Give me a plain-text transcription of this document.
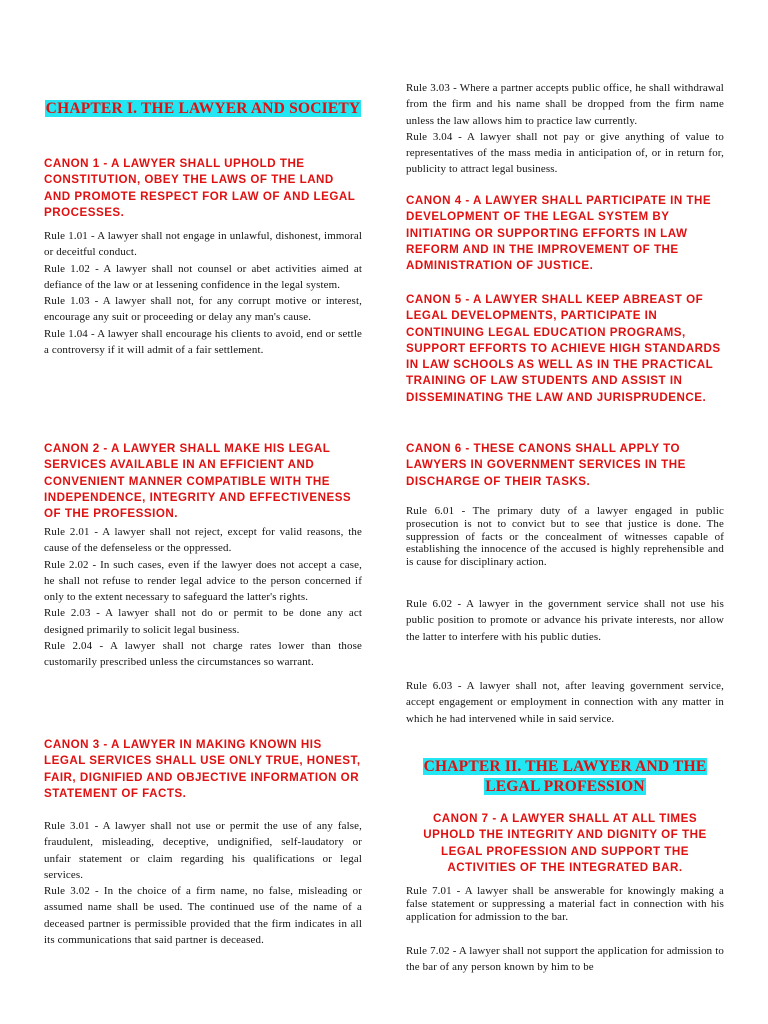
CHAPTER I. THE LAWYER AND SOCIETY
CANON 1 - A LAWYER SHALL UPHOLD THE CONSTITUTION, OBEY THE LAWS OF THE LAND AND PROMOTE RESPECT FOR LAW OF AND LEGAL PROCESSES.

Rule 1.01 - A lawyer shall not engage in unlawful, dishonest, immoral or deceitful conduct.

Rule 1.02 - A lawyer shall not counsel or abet activities aimed at defiance of the law or at lessening confidence in the legal system.

Rule 1.03 - A lawyer shall not, for any corrupt motive or interest, encourage any suit or proceeding or delay any man's cause.

Rule 1.04 - A lawyer shall encourage his clients to avoid, end or settle a controversy if it will admit of a fair settlement.

CANON 2 - A LAWYER SHALL MAKE HIS LEGAL SERVICES AVAILABLE IN AN EFFICIENT AND CONVENIENT MANNER COMPATIBLE WITH THE INDEPENDENCE, INTEGRITY AND EFFECTIVENESS OF THE PROFESSION.

Rule 2.01 - A lawyer shall not reject, except for valid reasons, the cause of the defenseless or the oppressed.

Rule 2.02 - In such cases, even if the lawyer does not accept a case, he shall not refuse to render legal advice to the person concerned if only to the extent necessary to safeguard the latter's rights.

Rule 2.03 - A lawyer shall not do or permit to be done any act designed primarily to solicit legal business.

Rule 2.04 - A lawyer shall not charge rates lower than those customarily prescribed unless the circumstances so warrant.

CANON 3 - A LAWYER IN MAKING KNOWN HIS LEGAL SERVICES SHALL USE ONLY TRUE, HONEST, FAIR, DIGNIFIED AND OBJECTIVE INFORMATION OR STATEMENT OF FACTS.

Rule 3.01 - A lawyer shall not use or permit the use of any false, fraudulent, misleading, deceptive, undignified, self-laudatory or unfair statement or claim regarding his qualifications or legal services.

Rule 3.02 - In the choice of a firm name, no false, misleading or assumed name shall be used. The continued use of the name of a deceased partner is permissible provided that the firm indicates in all its communications that said partner is deceased.

Rule 3.03 - Where a partner accepts public office, he shall withdrawal from the firm and his name shall be dropped from the firm name unless the law allows him to practice law currently.

Rule 3.04 - A lawyer shall not pay or give anything of value to representatives of the mass media in anticipation of, or in return for, publicity to attract legal business.

CANON 4 - A LAWYER SHALL PARTICIPATE IN THE DEVELOPMENT OF THE LEGAL SYSTEM BY INITIATING OR SUPPORTING EFFORTS IN LAW REFORM AND IN THE IMPROVEMENT OF THE ADMINISTRATION OF JUSTICE.
CANON 5 - A LAWYER SHALL KEEP ABREAST OF LEGAL DEVELOPMENTS, PARTICIPATE IN CONTINUING LEGAL EDUCATION PROGRAMS, SUPPORT EFFORTS TO ACHIEVE HIGH STANDARDS IN LAW SCHOOLS AS WELL AS IN THE PRACTICAL TRAINING OF LAW STUDENTS AND ASSIST IN DISSEMINATING THE LAW AND JURISPRUDENCE.
CANON 6 - THESE CANONS SHALL APPLY TO LAWYERS IN GOVERNMENT SERVICES IN THE DISCHARGE OF THEIR TASKS.

Rule 6.01 - The primary duty of a lawyer engaged in public prosecution is not to convict but to see that justice is done. The suppression of facts or the concealment of witnesses capable of establishing the innocence of the accused is highly reprehensible and is cause for disciplinary action.

Rule 6.02 - A lawyer in the government service shall not use his public position to promote or advance his private interests, nor allow the latter to interfere with his public duties.

Rule 6.03 - A lawyer shall not, after leaving government service, accept engagement or employment in connection with any matter in which he had intervened while in said service.

CHAPTER II. THE LAWYER AND THE LEGAL PROFESSION
CANON 7 - A LAWYER SHALL AT ALL TIMES UPHOLD THE INTEGRITY AND DIGNITY OF THE LEGAL PROFESSION AND SUPPORT THE ACTIVITIES OF THE INTEGRATED BAR.

Rule 7.01 - A lawyer shall be answerable for knowingly making a false statement or suppressing a material fact in connection with his application for admission to the bar.

Rule 7.02 - A lawyer shall not support the application for admission to the bar of any person known by him to be
